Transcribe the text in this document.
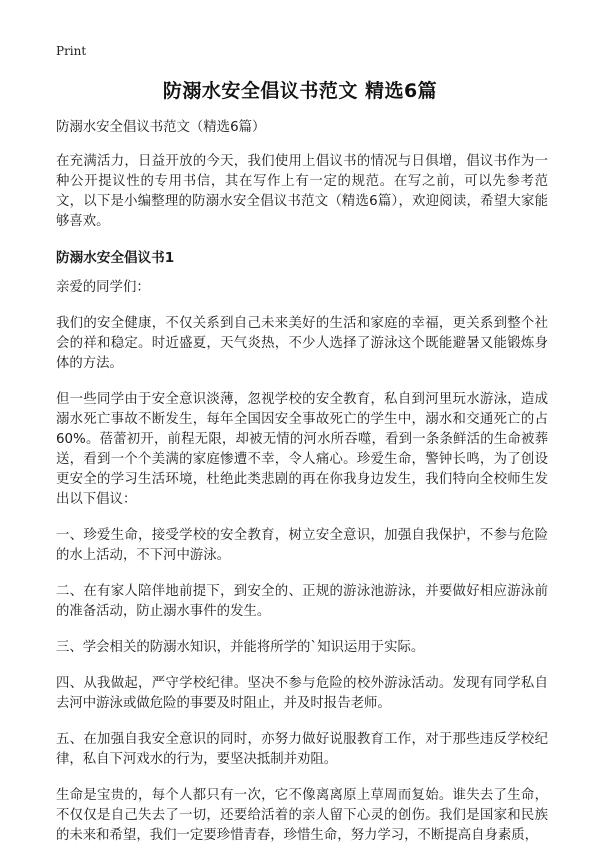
Print
防溺水安全倡议书范文 精选6篇

防溺水安全倡议书范文（精选6篇）

在充满活力，日益开放的今天，我们使用上倡议书的情况与日俱增，倡议书作为一种公开提议性的专用书信，其在写作上有一定的规范。在写之前，可以先参考范文，以下是小编整理的防溺水安全倡议书范文（精选6篇），欢迎阅读，希望大家能够喜欢。

防溺水安全倡议书1

亲爱的同学们：

我们的安全健康，不仅关系到自己未来美好的生活和家庭的幸福，更关系到整个社会的祥和稳定。时近盛夏，天气炎热，不少人选择了游泳这个既能避暑又能锻炼身体的方法。

但一些同学由于安全意识淡薄，忽视学校的安全教育，私自到河里玩水游泳，造成溺水死亡事故不断发生，每年全国因安全事故死亡的学生中，溺水和交通死亡的占60%。蓓蕾初开，前程无限，却被无情的河水所吞噬，看到一条条鲜活的生命被葬送，看到一个个美满的家庭惨遭不幸，令人痛心。珍爱生命，警钟长鸣，为了创设更安全的学习生活环境，杜绝此类悲剧的再在你我身边发生，我们特向全校师生发出以下倡议：

一、珍爱生命，接受学校的安全教育，树立安全意识，加强自我保护，不参与危险的水上活动，不下河中游泳。

二、在有家人陪伴地前提下，到安全的、正规的游泳池游泳，并要做好相应游泳前的准备活动，防止溺水事件的发生。

三、学会相关的防溺水知识，并能将所学的`知识运用于实际。

四、从我做起，严守学校纪律。坚决不参与危险的校外游泳活动。发现有同学私自去河中游泳或做危险的事要及时阻止，并及时报告老师。

五、在加强自我安全意识的同时，亦努力做好说服教育工作，对于那些违反学校纪律，私自下河戏水的行为，要坚决抵制并劝阻。

生命是宝贵的，每个人都只有一次，它不像离离原上草周而复始。谁失去了生命，不仅仅是自己失去了一切，还要给活着的亲人留下心灵的创伤。我们是国家和民族的未来和希望，我们一定要珍惜青春，珍惜生命，努力学习，不断提高自身素质，
